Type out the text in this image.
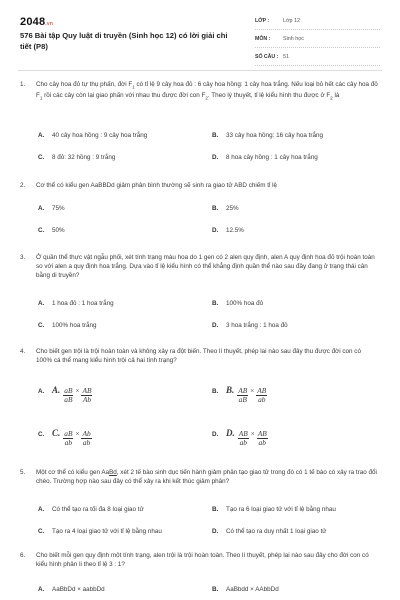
2048.vn
576 Bài tập Quy luật di truyền (Sinh học 12) có lời giải chi tiết (P8)
LỚP :	Lớp 12
MÔN :	Sinh học
SỐ CÂU : 51
1.	Cho cây hoa đỏ tự thụ phấn, đời $F_1$ có tỉ lệ 9 cây hoa đỏ : 6 cây hoa hồng: 1 cây hoa trắng. Nếu loại bỏ hết các cây hoa đỏ $F_1$ rồi các cây còn lại giao phấn với nhau thu được đời con $F_2$. Theo lý thuyết, tỉ lệ kiểu hình thu được ở $F_2$ là
A.	40 cây hoa hồng : 9 cây hoa trắng	B.	33 cây hoa hồng: 16 cây hoa trắng
C.	8 đỏ: 32 hồng : 9 trắng	D.	8 hoa cây hồng : 1 cây hoa trắng
2.	Cơ thể có kiểu gen AaBBDd giảm phân bình thường sẽ sinh ra giao tử ABD chiếm tỉ lệ
A.	75%	B.	25%
C.	50%	D.	12.5%
3.	Ở quần thể thực vật ngẫu phối, xét tính trạng màu hoa do 1 gen có 2 alen quy định, alen A quy định hoa đỏ trội hoàn toàn so với alen a quy định hoa trắng. Dựa vào tỉ lệ kiểu hình có thể khẳng định quần thể nào sau đây đang ở trạng thái cân bằng di truyền?
A.	1 hoa đỏ : 1 hoa trắng	B.	100% hoa đỏ
C.	100% hoa trắng	D.	3 hoa trắng : 1 hoa đỏ
4.	Cho biết gen trội là trội hoàn toàn và không xảy ra đột biến. Theo lí thuyết, phép lai nào sau đây thu được đời con có 100% cá thể mang kiểu hình trội cả hai tính trạng?
A. A. $\frac{aB}{aB} \times \frac{AB}{Ab}$	B. B. $\frac{AB}{aB} \times \frac{AB}{ab}$
C. C. $\frac{aB}{ab} \times \frac{Ab}{ab}$	D. D. $\frac{AB}{ab} \times \frac{AB}{ab}$
5.	Một cơ thể có kiểu gen AaBd, xét 2 tế bào sinh dục tiến hành giảm phân tạo giao tử trong đó có 1 tế bào có xảy ra trao đổi chéo. Trường hợp nào sau đây có thể xảy ra khi kết thúc giảm phân?
A.	Có thể tạo ra tối đa 8 loại giao tử	B.	Tạo ra 6 loại giao tử với tỉ lệ bằng nhau
C.	Tạo ra 4 loại giao tử với tỉ lệ bằng nhau	D.	Có thể tạo ra duy nhất 1 loại giao tử
6.	Cho biết mỗi gen quy định một tính trạng, alen trội là trội hoàn toàn. Theo lí thuyết, phép lai nào sau đây cho đời con có kiểu hình phân li theo tỉ lệ 3 : 1?
A.	AaBbDd × aabbDd	B.	AaBbdd × AAbbDd
